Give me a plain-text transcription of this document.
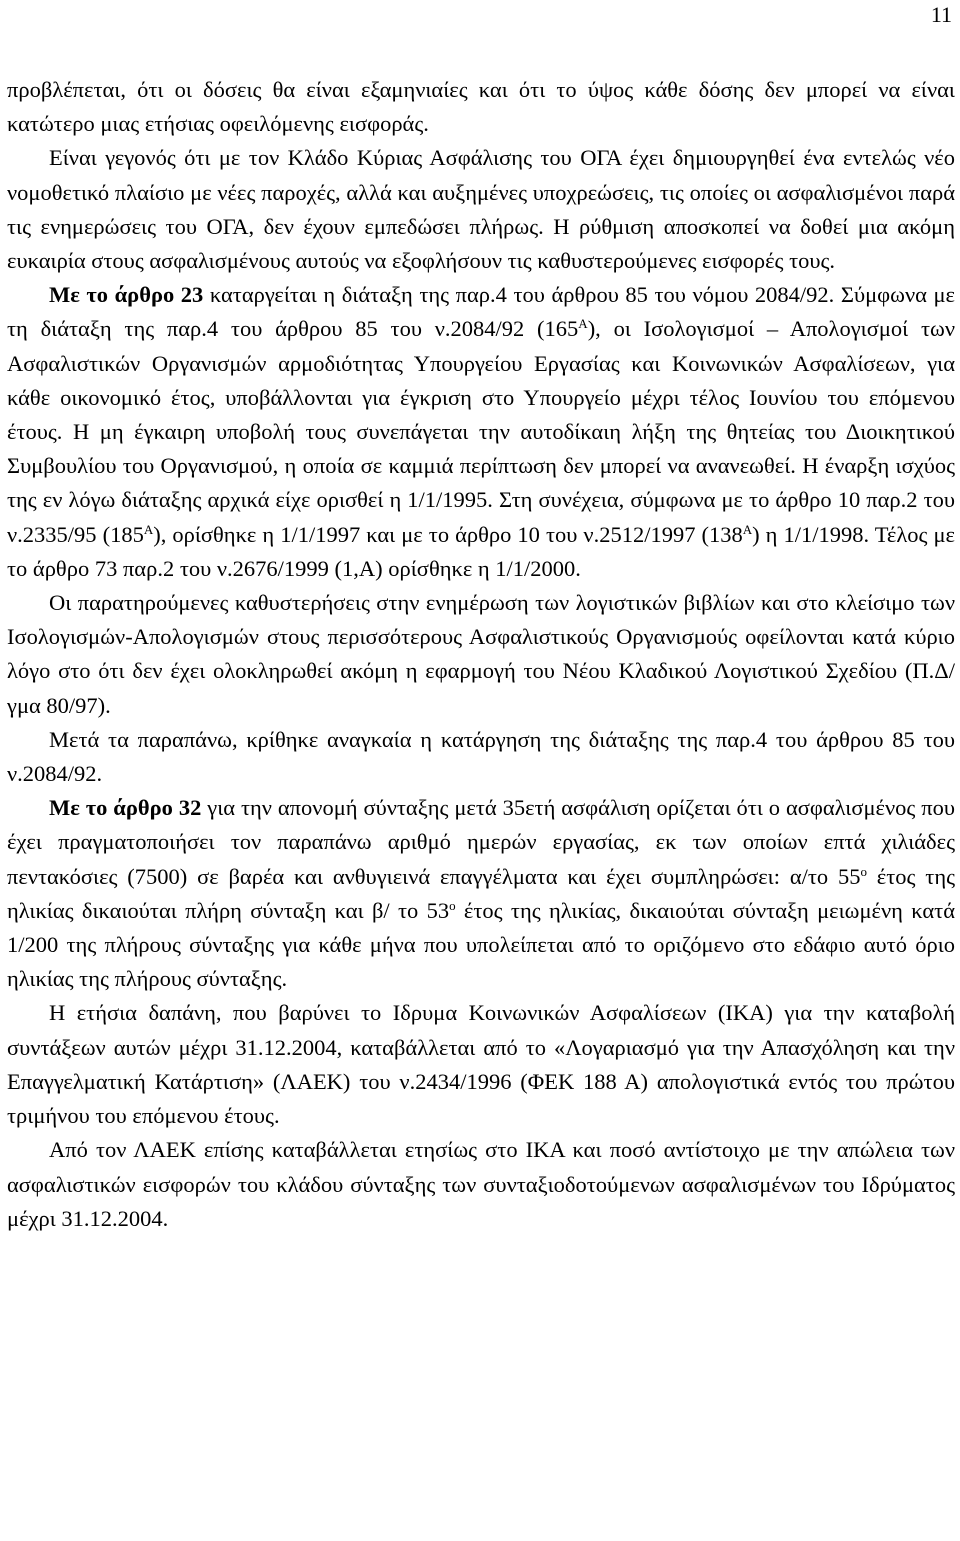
11

προβλέπεται, ότι οι δόσεις θα είναι εξαμηνιαίες και ότι το ύψος κάθε δόσης δεν μπορεί να είναι κατώτερο μιας ετήσιας οφειλόμενης εισφοράς.

Είναι γεγονός ότι με τον Κλάδο Κύριας Ασφάλισης του ΟΓΑ έχει δημιουργηθεί ένα εντελώς νέο νομοθετικό πλαίσιο με νέες παροχές, αλλά και αυξημένες υποχρεώσεις, τις οποίες οι ασφαλισμένοι παρά τις ενημερώσεις του ΟΓΑ, δεν έχουν εμπεδώσει πλήρως. Η ρύθμιση αποσκοπεί να δοθεί μια ακόμη ευκαιρία στους ασφαλισμένους αυτούς να εξοφλήσουν τις καθυστερούμενες εισφορές τους.

Με το άρθρο 23 καταργείται η διάταξη της παρ.4 του άρθρου 85 του νόμου 2084/92. Σύμφωνα με τη διάταξη της παρ.4 του άρθρου 85 του ν.2084/92 $(165^A)$, οι Ισολογισμοί – Απολογισμοί των Ασφαλιστικών Οργανισμών αρμοδιότητας Υπουργείου Εργασίας και Κοινωνικών Ασφαλίσεων, για κάθε οικονομικό έτος, υποβάλλονται για έγκριση στο Υπουργείο μέχρι τέλος Ιουνίου του επόμενου έτους. Η μη έγκαιρη υποβολή τους συνεπάγεται την αυτοδίκαιη λήξη της θητείας του Διοικητικού Συμβουλίου του Οργανισμού, η οποία σε καμμιά περίπτωση δεν μπορεί να ανανεωθεί. Η έναρξη ισχύος της εν λόγω διάταξης αρχικά είχε ορισθεί η 1/1/1995. Στη συνέχεια, σύμφωνα με το άρθρο 10 παρ.2 του ν.2335/95 $(185^A)$, ορίσθηκε η 1/1/1997 και με το άρθρο 10 του ν.2512/1997 $(138^A)$ η 1/1/1998. Τέλος με το άρθρο 73 παρ.2 του ν.2676/1999 (1,Α) ορίσθηκε η 1/1/2000.

Οι παρατηρούμενες καθυστερήσεις στην ενημέρωση των λογιστικών βιβλίων και στο κλείσιμο των Ισολογισμών-Απολογισμών στους περισσότερους Ασφαλιστικούς Οργανισμούς οφείλονται κατά κύριο λόγο στο ότι δεν έχει ολοκληρωθεί ακόμη η εφαρμογή του Νέου Κλαδικού Λογιστικού Σχεδίου (Π.Δ/γμα 80/97).

Μετά τα παραπάνω, κρίθηκε αναγκαία η κατάργηση της διάταξης της παρ.4 του άρθρου 85 του ν.2084/92.

Με το άρθρο 32 για την απονομή σύνταξης μετά 35ετή ασφάλιση ορίζεται ότι ο ασφαλισμένος που έχει πραγματοποιήσει τον παραπάνω αριθμό ημερών εργασίας, εκ των οποίων επτά χιλιάδες πεντακόσιες (7500) σε βαρέα και ανθυγιεινά επαγγέλματα και έχει συμπληρώσει: α/το $55^o$ έτος της ηλικίας δικαιούται πλήρη σύνταξη και β/ το $53^o$ έτος της ηλικίας, δικαιούται σύνταξη μειωμένη κατά 1/200 της πλήρους σύνταξης για κάθε μήνα που υπολείπεται από το οριζόμενο στο εδάφιο αυτό όριο ηλικίας της πλήρους σύνταξης.

Η ετήσια δαπάνη, που βαρύνει το Ιδρυμα Κοινωνικών Ασφαλίσεων (ΙΚΑ) για την καταβολή συντάξεων αυτών μέχρι 31.12.2004, καταβάλλεται από το «Λογαριασμό για την Απασχόληση και την Επαγγελματική Κατάρτιση» (ΛΑΕΚ) του ν.2434/1996 (ΦΕΚ 188 Α) απολογιστικά εντός του πρώτου τριμήνου του επόμενου έτους.

Από τον ΛΑΕΚ επίσης καταβάλλεται ετησίως στο ΙΚΑ και ποσό αντίστοιχο με την απώλεια των ασφαλιστικών εισφορών του κλάδου σύνταξης των συνταξιοδοτούμενων ασφαλισμένων του Ιδρύματος μέχρι 31.12.2004.
